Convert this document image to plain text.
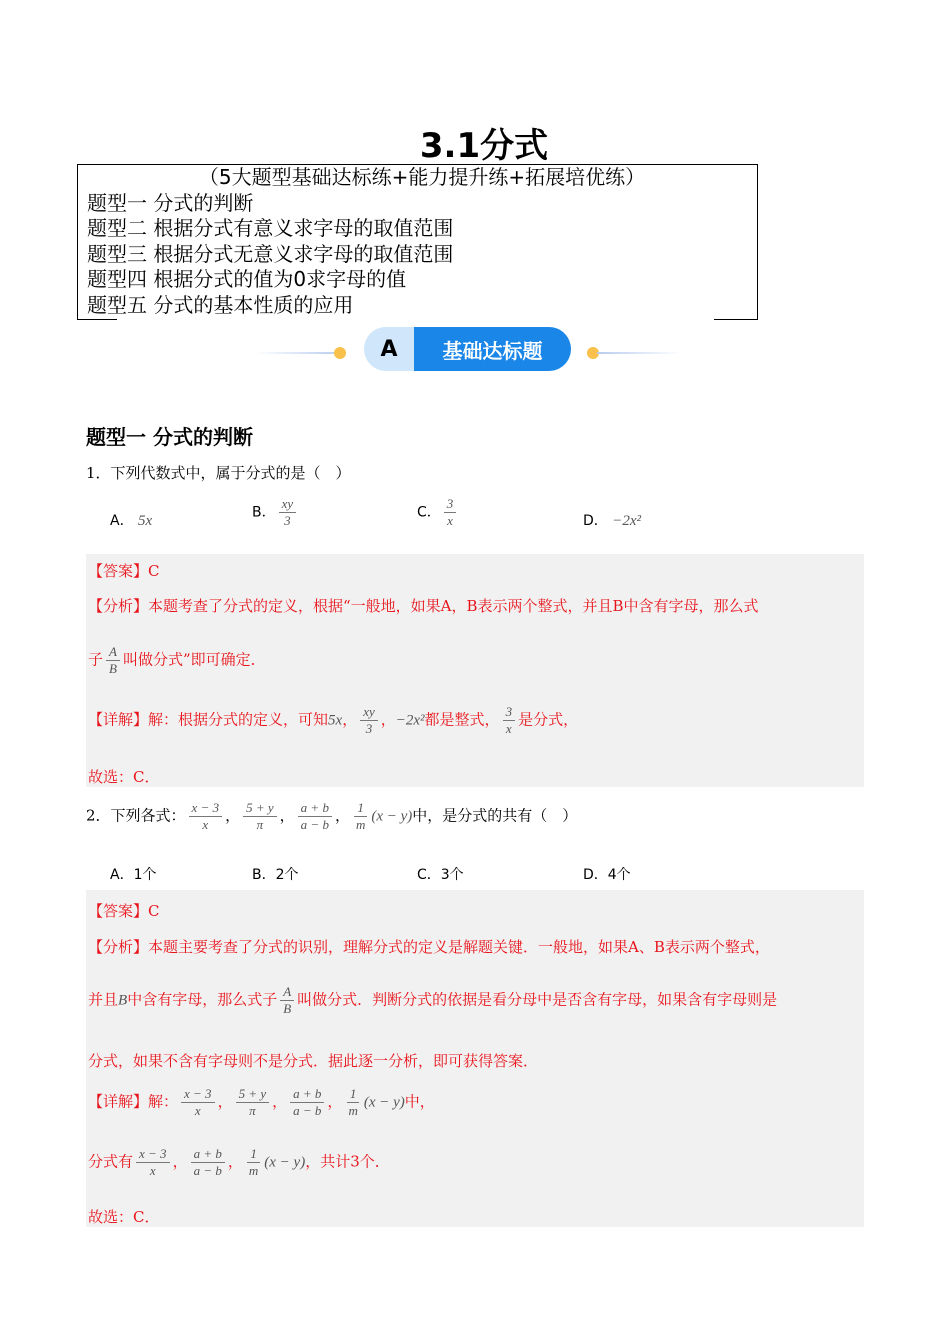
3.1分式
（5大题型基础达标练+能力提升练+拓展培优练）
题型一 分式的判断
题型二 根据分式有意义求字母的取值范围
题型三 根据分式无意义求字母的取值范围
题型四 根据分式的值为0求字母的值
题型五 分式的基本性质的应用
A	基础达标题
题型一 分式的判断
1．下列代数式中，属于分式的是（　）
A． 5x
B． $\frac{xy}{3}$	C． $\frac{3}{x}$	D． −2x²
【答案】C
【分析】本题考查了分式的定义，根据“一般地，如果A，B表示两个整式，并且B中含有字母，那么式
子 $\frac{A}{B}$ 叫做分式”即可确定．
【详解】解：根据分式的定义，可知5x， $\frac{xy}{3}$ ，−2x²都是整式， $\frac{3}{x}$ 是分式，
故选：C．
2．下列各式： $\frac{x - 3}{x}$ ， $\frac{5 + y}{\pi}$ ， $\frac{a + b}{a - b}$ ， $\frac{1}{m} (x - y)$中，是分式的共有（　）
A．1个	B．2个	C．3个	D．4个
【答案】C
【分析】本题主要考查了分式的识别，理解分式的定义是解题关键．一般地，如果A、B表示两个整式，
并且B中含有字母，那么式子 $\frac{A}{B}$ 叫做分式．判断分式的依据是看分母中是否含有字母，如果含有字母则是
分式，如果不含有字母则不是分式．据此逐一分析，即可获得答案．
【详解】解： $\frac{x - 3}{x}$ ， $\frac{5 + y}{\pi}$ ， $\frac{a + b}{a - b}$ ， $\frac{1}{m} (x - y)$中，
分式有 $\frac{x - 3}{x}$ ， $\frac{a + b}{a - b}$ ， $\frac{1}{m} (x - y)$，共计3个．
故选：C．
